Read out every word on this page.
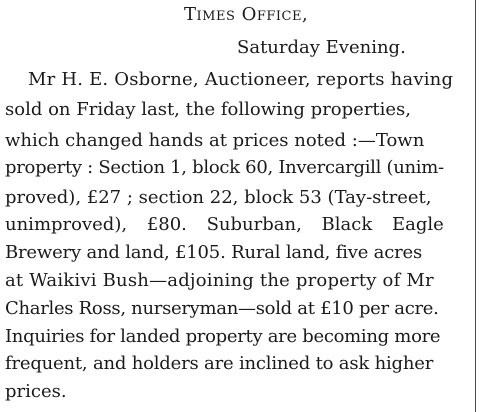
Times Office,
Saturday Evening.
Mr H. E. Osborne, Auctioneer, reports having
sold on Friday last, the following properties,
which changed hands at prices noted :—Town
property : Section 1, block 60, Invercargill (unim-
proved), £27 ; section 22, block 53 (Tay-street,
unimproved), £80. Suburban, Black Eagle
Brewery and land, £105. Rural land, five acres
at Waikivi Bush—adjoining the property of Mr
Charles Ross, nurseryman—sold at £10 per acre.
Inquiries for landed property are becoming more
frequent, and holders are inclined to ask higher
prices.
